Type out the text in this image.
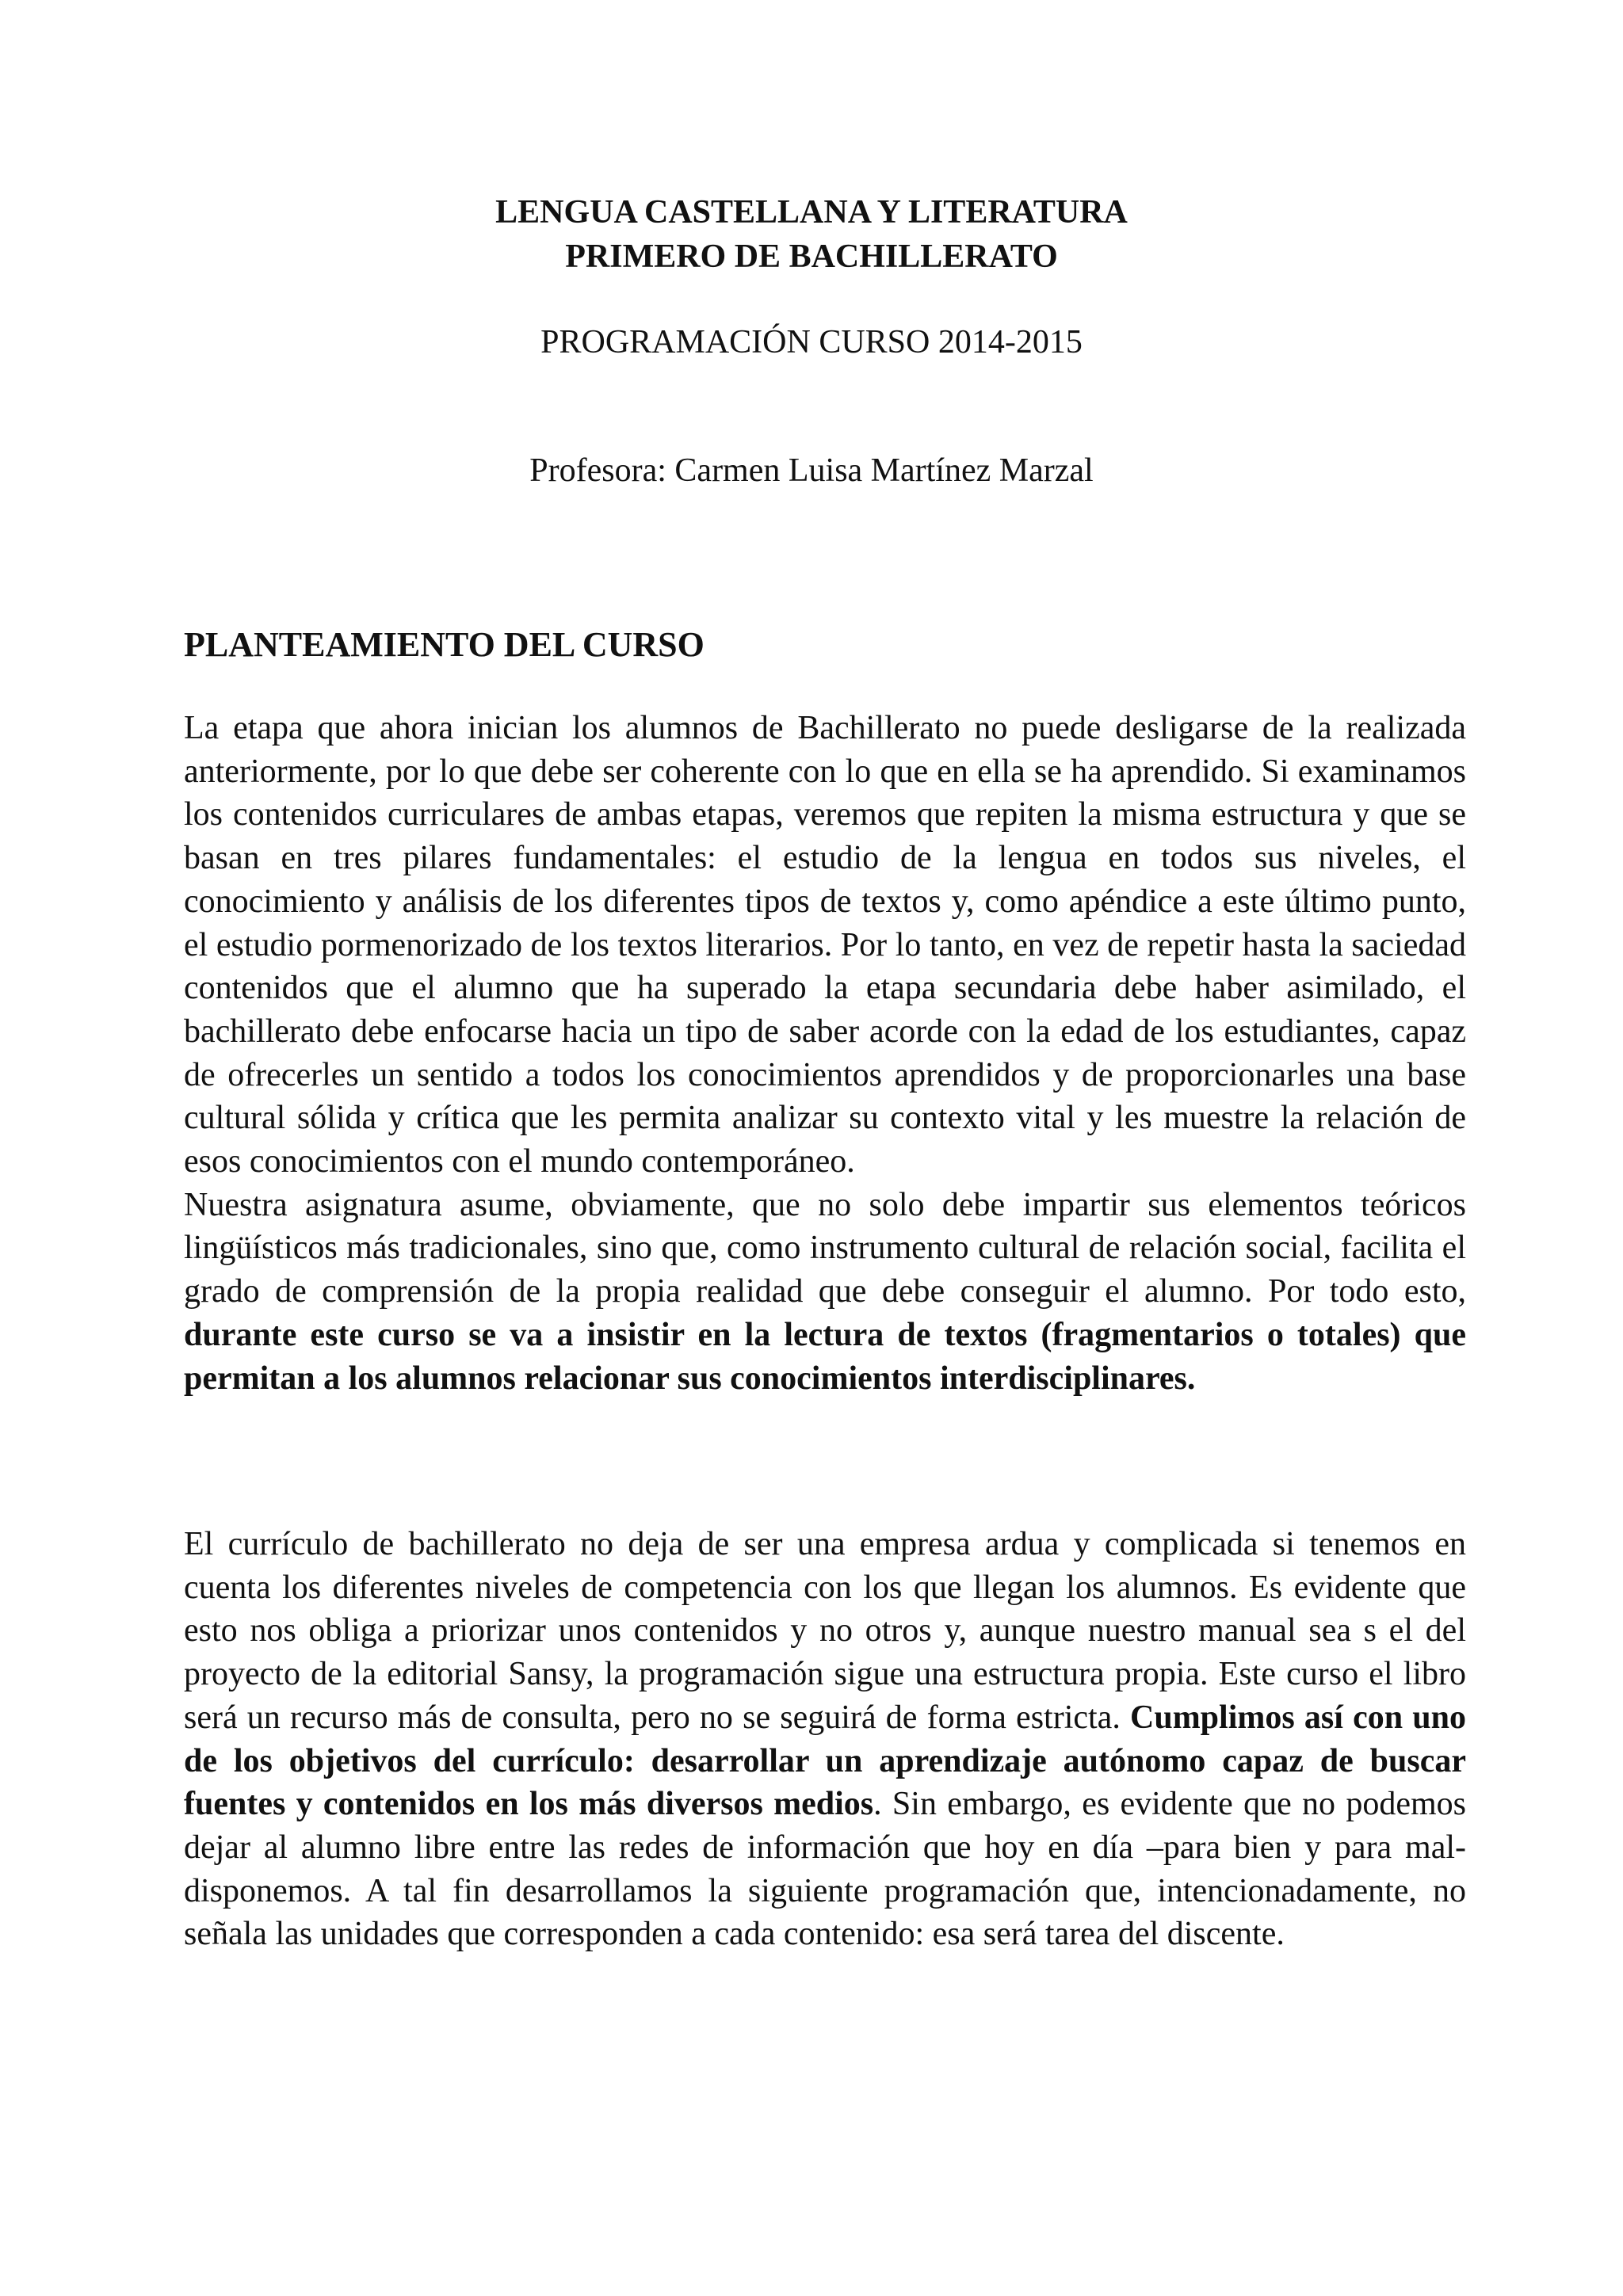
LENGUA CASTELLANA Y LITERATURA
PRIMERO DE BACHILLERATO
PROGRAMACIÓN CURSO 2014-2015
Profesora: Carmen Luisa Martínez Marzal
PLANTEAMIENTO DEL CURSO
La etapa que ahora inician los alumnos de Bachillerato no puede desligarse de la realizada anteriormente, por lo que debe ser coherente con lo que en ella se ha aprendido. Si examinamos los contenidos curriculares de ambas etapas, veremos que repiten la misma estructura y que se basan en tres pilares fundamentales: el estudio de la lengua en todos sus niveles, el conocimiento y análisis de los diferentes tipos de textos y, como apéndice a este último punto, el estudio pormenorizado de los textos literarios. Por lo tanto, en vez de repetir hasta la saciedad contenidos que el alumno que ha superado la etapa secundaria debe haber asimilado, el bachillerato debe enfocarse hacia un tipo de saber acorde con la edad de los estudiantes, capaz de ofrecerles un sentido a todos los conocimientos aprendidos y de proporcionarles una base cultural sólida y crítica que les permita analizar su contexto vital y les muestre la relación de esos conocimientos con el mundo contemporáneo.
Nuestra asignatura asume, obviamente, que no solo debe impartir sus elementos teóricos lingüísticos más tradicionales, sino que, como instrumento cultural de relación social, facilita el grado de comprensión de la propia realidad que debe conseguir el alumno. Por todo esto, durante este curso se va a insistir en la lectura de textos (fragmentarios o totales) que permitan a los alumnos relacionar sus conocimientos interdisciplinares.

El currículo de bachillerato no deja de ser una empresa ardua y complicada si tenemos en cuenta los diferentes niveles de competencia con los que llegan los alumnos. Es evidente que esto nos obliga a priorizar unos contenidos y no otros y, aunque nuestro manual sea s el del proyecto de la editorial Sansy, la programación sigue una estructura propia. Este curso el libro será un recurso más de consulta, pero no se seguirá de forma estricta. Cumplimos así con uno de los objetivos del currículo: desarrollar un aprendizaje autónomo capaz de buscar fuentes y contenidos en los más diversos medios. Sin embargo, es evidente que no podemos dejar al alumno libre entre las redes de información que hoy en día –para bien y para mal- disponemos. A tal fin desarrollamos la siguiente programación que, intencionadamente, no señala las unidades que corresponden a cada contenido: esa será tarea del discente.
